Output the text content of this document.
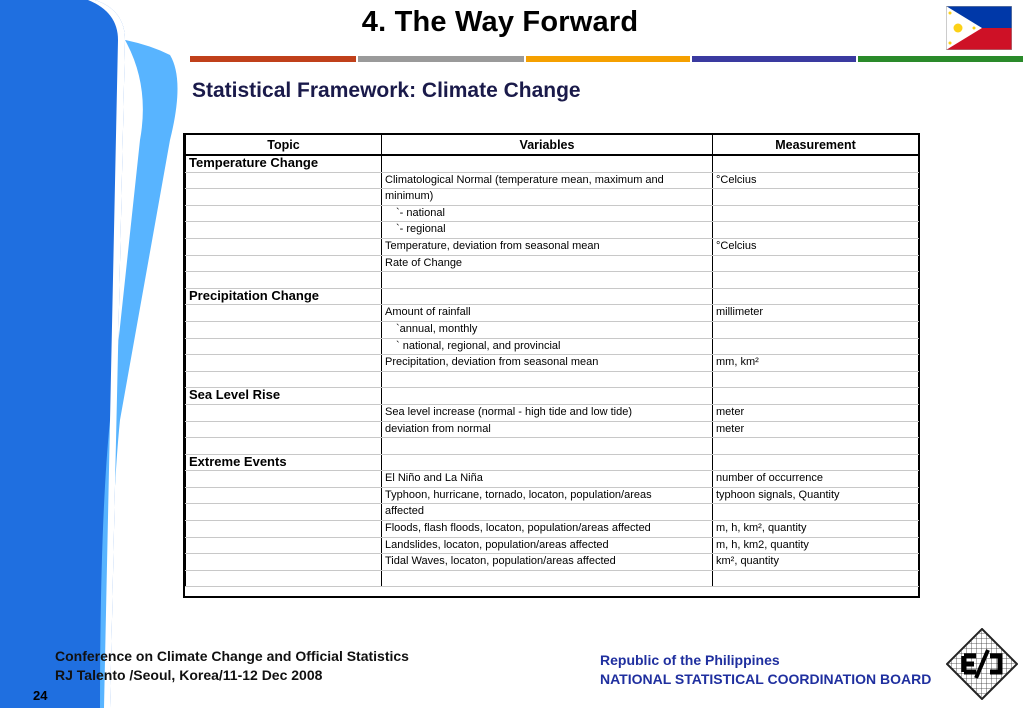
4. The Way Forward
Statistical Framework: Climate Change
Topic	Variables	Measurement
Temperature Change		
	Climatological Normal (temperature mean, maximum and	°Celcius
	minimum)	
	`- national	
	`- regional	
	Temperature, deviation from seasonal mean	°Celcius
	Rate of Change	

Precipitation Change		
	Amount of rainfall	millimeter
	`annual, monthly	
	` national, regional, and provincial	
	Precipitation, deviation from seasonal mean	mm, km²

Sea Level Rise		
	Sea level increase (normal - high tide and low tide)	meter
	deviation from normal	meter

Extreme Events		
	El Niño and La Niña	number of occurrence
	Typhoon, hurricane, tornado, locaton, population/areas	typhoon signals, Quantity
	affected	
	Floods, flash floods, locaton, population/areas affected	m, h, km², quantity
	Landslides, locaton, population/areas affected	m, h, km2, quantity
	Tidal Waves, locaton, population/areas affected	km², quantity

Conference on Climate Change and Official Statistics
RJ Talento /Seoul, Korea/11-12 Dec 2008
24
Republic of the Philippines
NATIONAL STATISTICAL COORDINATION BOARD
